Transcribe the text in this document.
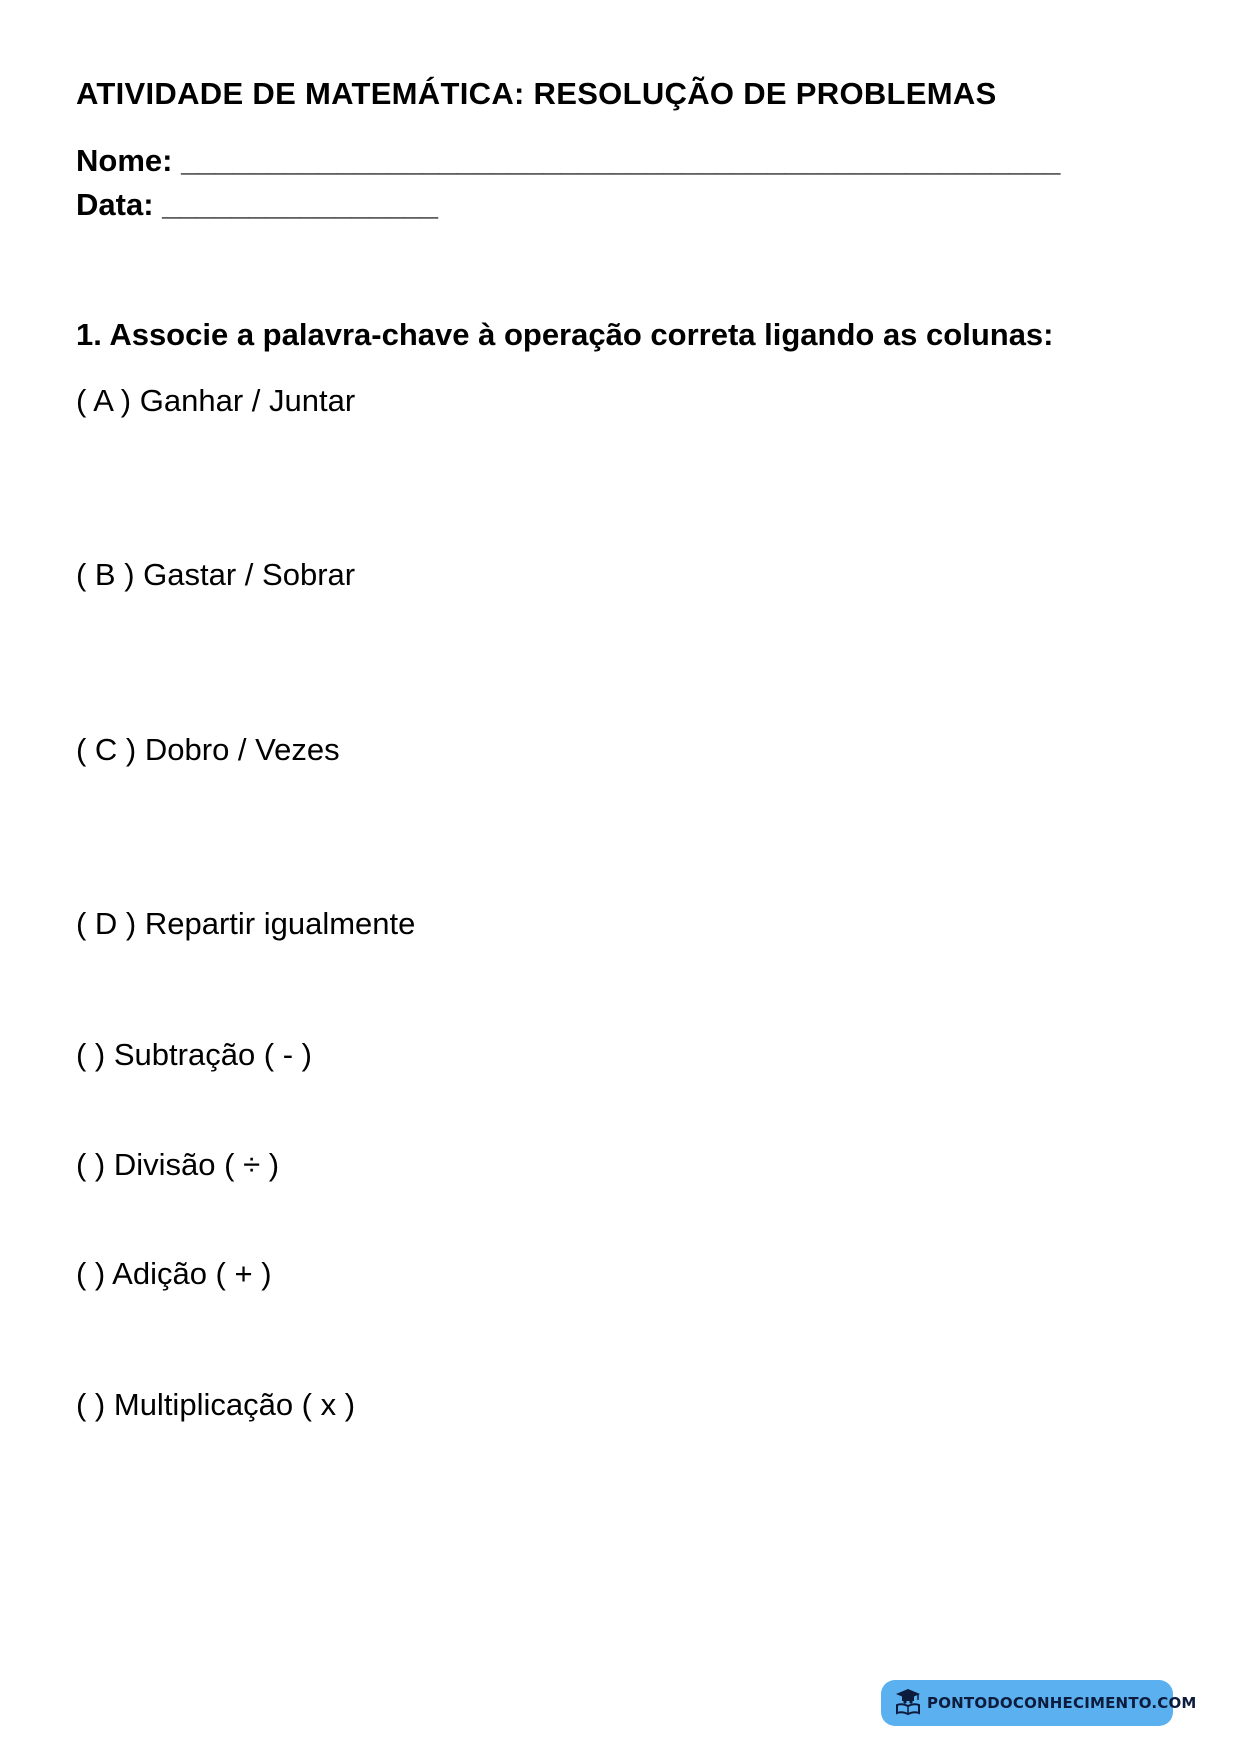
ATIVIDADE DE MATEMÁTICA: RESOLUÇÃO DE PROBLEMAS
Nome: ___________________________________________________
Data: ________________
1. Associe a palavra-chave à operação correta ligando as colunas:
( A ) Ganhar / Juntar
( B ) Gastar / Sobrar
( C ) Dobro / Vezes
( D ) Repartir igualmente
( ) Subtração ( - )
( ) Divisão ( ÷ )
( ) Adição ( + )
( ) Multiplicação ( x )
PONTODOCONHECIMENTO.COM
